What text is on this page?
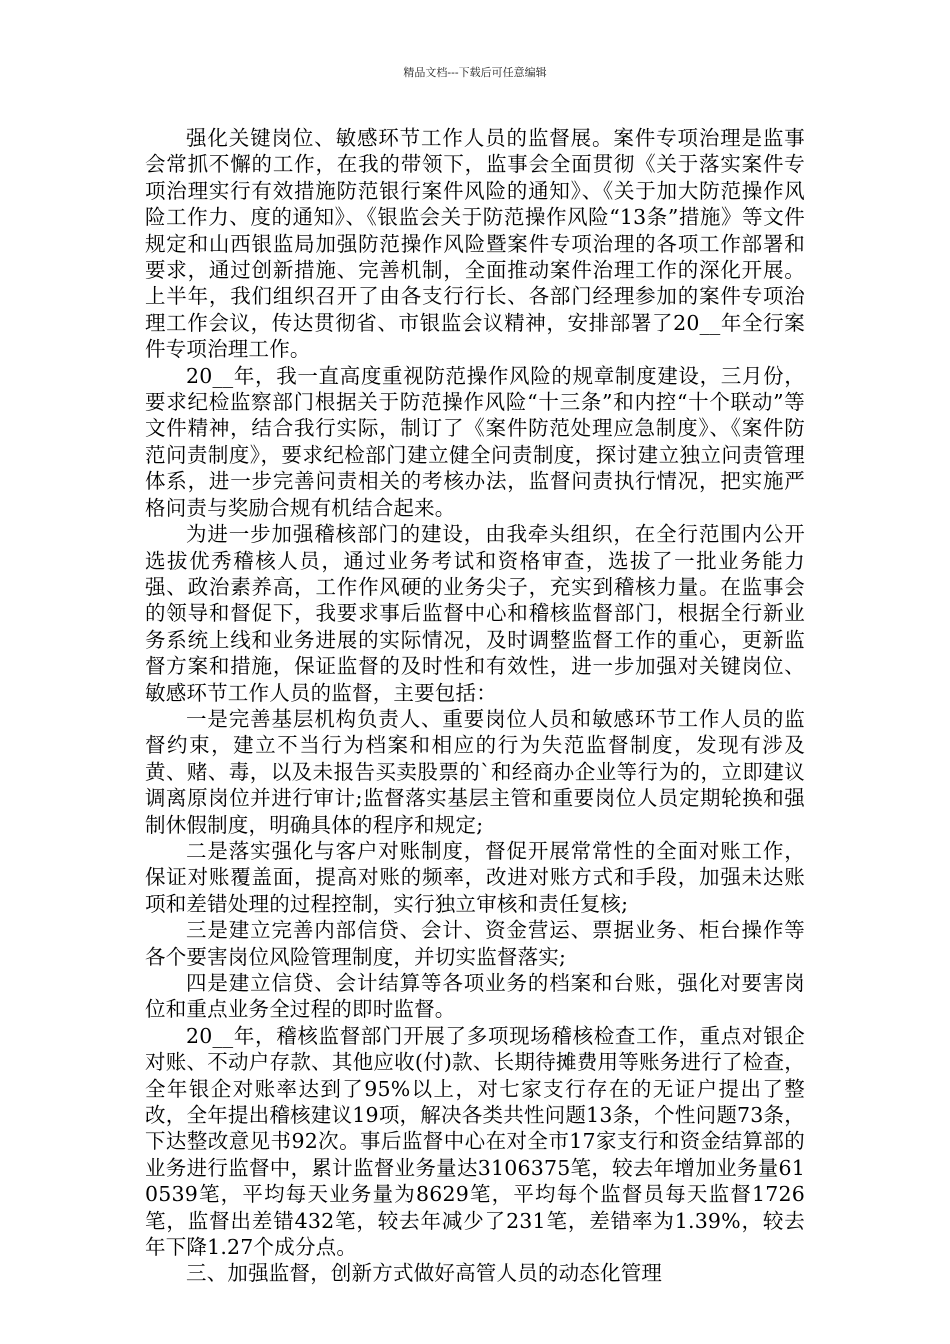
精品文档---下载后可任意编辑

强化关键岗位、敏感环节工作人员的监督展。案件专项治理是监事会常抓不懈的工作，在我的带领下，监事会全面贯彻《关于落实案件专项治理实行有效措施防范银行案件风险的通知》、《关于加大防范操作风险工作力、度的通知》、《银监会关于防范操作风险“13条”措施》等文件规定和山西银监局加强防范操作风险暨案件专项治理的各项工作部署和要求，通过创新措施、完善机制，全面推动案件治理工作的深化开展。上半年，我们组织召开了由各支行行长、各部门经理参加的案件专项治理工作会议，传达贯彻省、市银监会议精神，安排部署了20__年全行案件专项治理工作。

20__年，我一直高度重视防范操作风险的规章制度建设，三月份，要求纪检监察部门根据关于防范操作风险“十三条”和内控“十个联动”等文件精神，结合我行实际，制订了《案件防范处理应急制度》、《案件防范问责制度》，要求纪检部门建立健全问责制度，探讨建立独立问责管理体系，进一步完善问责相关的考核办法，监督问责执行情况，把实施严格问责与奖励合规有机结合起来。

为进一步加强稽核部门的建设，由我牵头组织，在全行范围内公开选拔优秀稽核人员，通过业务考试和资格审查，选拔了一批业务能力强、政治素养高，工作作风硬的业务尖子，充实到稽核力量。在监事会的领导和督促下，我要求事后监督中心和稽核监督部门，根据全行新业务系统上线和业务进展的实际情况，及时调整监督工作的重心，更新监督方案和措施，保证监督的及时性和有效性，进一步加强对关键岗位、敏感环节工作人员的监督，主要包括：

一是完善基层机构负责人、重要岗位人员和敏感环节工作人员的监督约束，建立不当行为档案和相应的行为失范监督制度，发现有涉及黄、赌、毒，以及未报告买卖股票的`和经商办企业等行为的，立即建议调离原岗位并进行审计;监督落实基层主管和重要岗位人员定期轮换和强制休假制度，明确具体的程序和规定;

二是落实强化与客户对账制度，督促开展常常性的全面对账工作，保证对账覆盖面，提高对账的频率，改进对账方式和手段，加强未达账项和差错处理的过程控制，实行独立审核和责任复核;

三是建立完善内部信贷、会计、资金营运、票据业务、柜台操作等各个要害岗位风险管理制度，并切实监督落实;

四是建立信贷、会计结算等各项业务的档案和台账，强化对要害岗位和重点业务全过程的即时监督。

20__年，稽核监督部门开展了多项现场稽核检查工作，重点对银企对账、不动户存款、其他应收(付)款、长期待摊费用等账务进行了检查，全年银企对账率达到了95%以上，对七家支行存在的无证户提出了整改，全年提出稽核建议19项，解决各类共性问题13条，个性问题73条，下达整改意见书92次。事后监督中心在对全市17家支行和资金结算部的业务进行监督中，累计监督业务量达3106375笔，较去年增加业务量610539笔，平均每天业务量为8629笔，平均每个监督员每天监督1726笔，监督出差错432笔，较去年减少了231笔，差错率为1.39%，较去年下降1.27个成分点。

三、加强监督，创新方式做好高管人员的动态化管理
